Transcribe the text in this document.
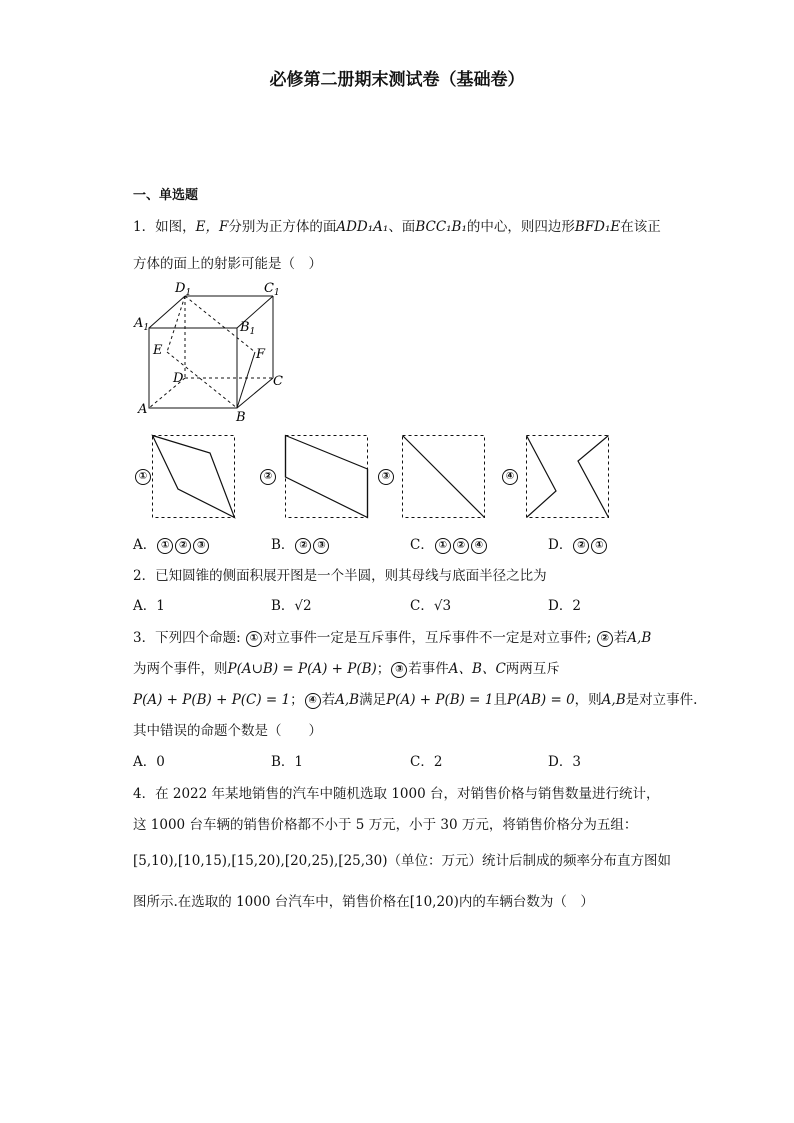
必修第二册期末测试卷（基础卷）
一、单选题
1．如图，E，F分别为正方体的面ADD₁A₁、面BCC₁B₁的中心，则四边形BFD₁E在该正
方体的面上的射影可能是（　）
$D_1$	$C_1$
$A_1$	$B_1$
E	F
D	C
A
B
①	②	③	④
A． ① ② ③	B． ② ③	C． ① ② ④	D． ② ①
2．已知圆锥的侧面积展开图是一个半圆，则其母线与底面半径之比为
A．1	B．√2	C．√3	D．2
3．下列四个命题: ① 对立事件一定是互斥事件，互斥事件不一定是对立事件; ② 若A,B
为两个事件，则P(A∪B) = P(A) + P(B)； ③ 若事件A、B、C两两互斥
P(A) + P(B) + P(C) = 1； ④ 若A,B满足P(A) + P(B) = 1且P(AB) = 0，则A,B是对立事件.
其中错误的命题个数是（　　）
A．0	B．1	C．2	D．3
4．在 2022 年某地销售的汽车中随机选取 1000 台，对销售价格与销售数量进行统计，
这 1000 台车辆的销售价格都不小于 5 万元，小于 30 万元，将销售价格分为五组：
[5,10),[10,15),[15,20),[20,25),[25,30)（单位：万元）统计后制成的频率分布直方图如
图所示.在选取的 1000 台汽车中，销售价格在[10,20)内的车辆台数为（　）
